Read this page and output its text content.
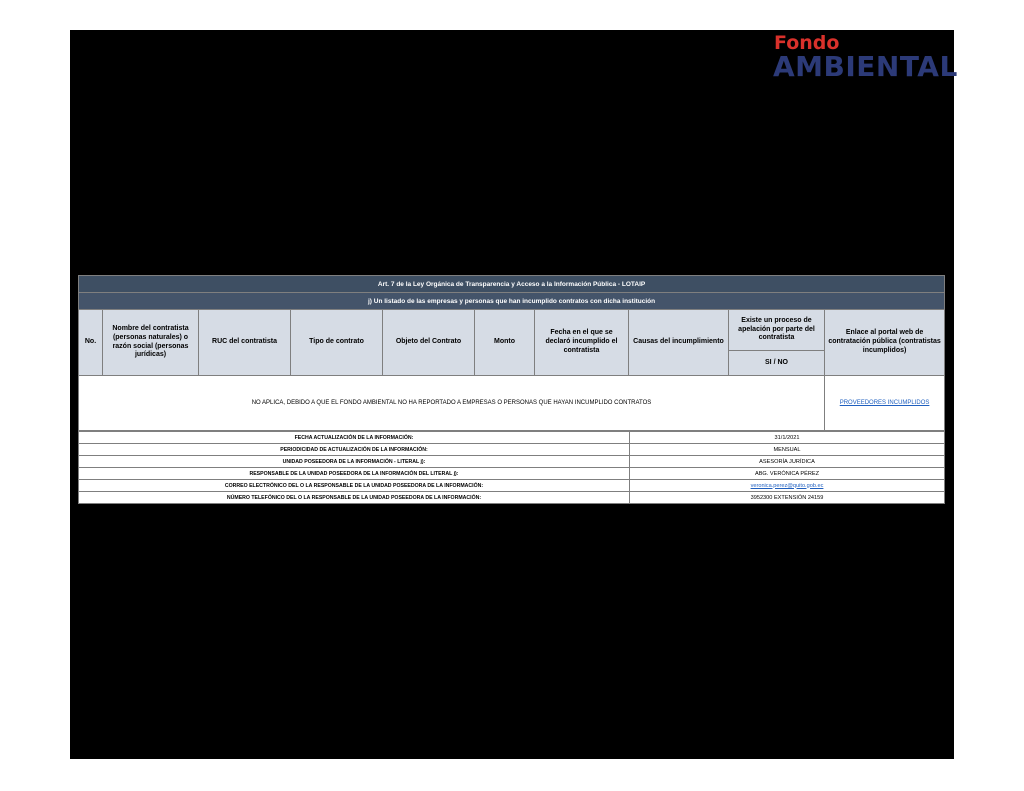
Fondo
AMBIENTAL
Art. 7 de la Ley Orgánica de Transparencia y Acceso a la Información Pública - LOTAIP									
j) Un listado de las empresas y personas que han incumplido contratos con dicha institución									
No.	Nombre del contratista (personas naturales) o razón social (personas jurídicas)	RUC del contratista	Tipo de contrato	Objeto del Contrato	Monto	Fecha en el que se declaró incumplido el contratista	Causas del incumplimiento	Existe un proceso de apelación por parte del contratista	Enlace al portal web de contratación pública (contratistas incumplidos)
								SI / NO	
NO APLICA, DEBIDO A QUE EL FONDO AMBIENTAL NO HA REPORTADO A EMPRESAS O PERSONAS QUE HAYAN INCUMPLIDO CONTRATOS									PROVEEDORES INCUMPLIDOS
FECHA ACTUALIZACIÓN DE LA INFORMACIÓN:	31/1/2021
PERIODICIDAD DE ACTUALIZACIÓN DE LA INFORMACIÓN:	MENSUAL
UNIDAD POSEEDORA DE LA INFORMACIÓN - LITERAL j):	ASESORÍA JURÍDICA
RESPONSABLE DE LA UNIDAD POSEEDORA DE LA INFORMACIÓN DEL LITERAL j):	ABG. VERÓNICA PÉREZ
CORREO ELECTRÓNICO DEL O LA RESPONSABLE DE LA UNIDAD POSEEDORA DE LA INFORMACIÓN:	veronica.perez@quito.gob.ec
NÚMERO TELEFÓNICO DEL O LA RESPONSABLE DE LA UNIDAD POSEEDORA DE LA INFORMACIÓN:	3952300 EXTENSIÓN 24159
